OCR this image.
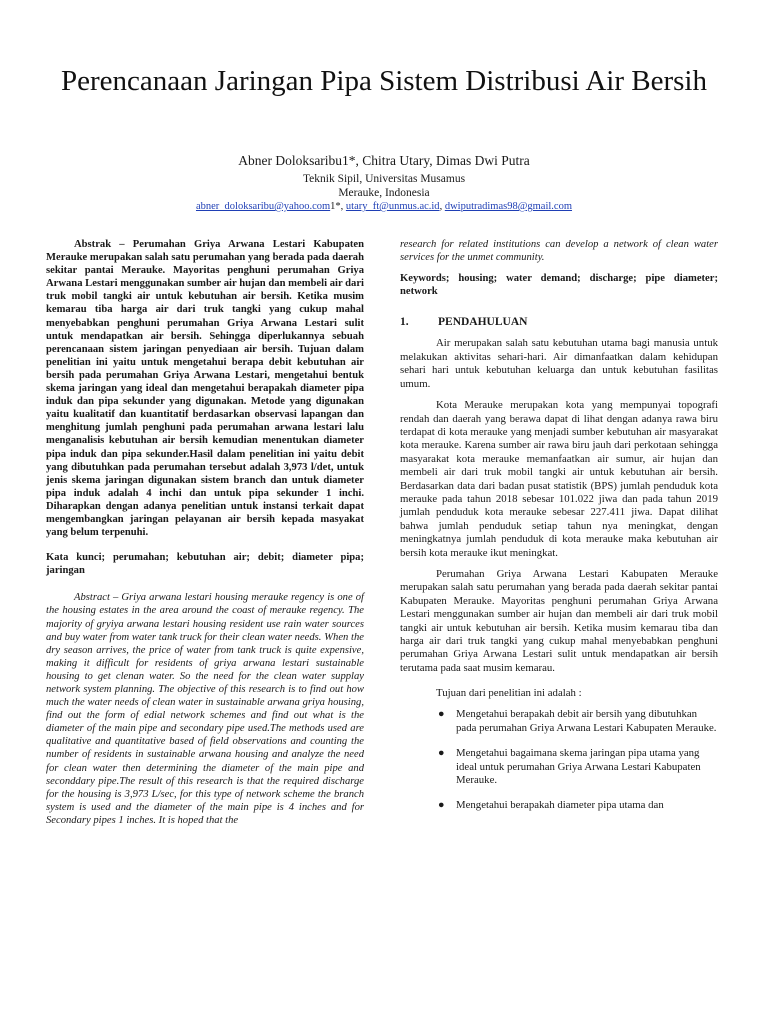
Perencanaan Jaringan Pipa Sistem Distribusi Air Bersih
Abner Doloksaribu1*, Chitra Utary, Dimas Dwi Putra
Teknik Sipil, Universitas Musamus
Merauke, Indonesia
abner_doloksaribu@yahoo.com1*, utary_ft@unmus.ac.id, dwiputradimas98@gmail.com

Abstrak – Perumahan Griya Arwana Lestari Kabupaten Merauke merupakan salah satu perumahan yang berada pada daerah sekitar pantai Merauke. Mayoritas penghuni perumahan Griya Arwana Lestari menggunakan sumber air hujan dan membeli air dari truk mobil tangki air untuk kebutuhan air bersih. Ketika musim kemarau tiba harga air dari truk tangki yang cukup mahal menyebabkan penghuni perumahan Griya Arwana Lestari sulit untuk mendapatkan air bersih. Sehingga diperlukannya sebuah perencanaan sistem jaringan penyediaan air bersih. Tujuan dalam penelitian ini yaitu untuk mengetahui berapa debit kebutuhan air bersih pada perumahan Griya Arwana Lestari, mengetahui bentuk skema jaringan yang ideal dan mengetahui berapakah diameter pipa induk dan pipa sekunder yang digunakan. Metode yang digunakan yaitu kualitatif dan kuantitatif berdasarkan observasi lapangan dan menghitung jumlah penghuni pada perumahan arwana lestari lalu menganalisis kebutuhan air bersih kemudian menentukan diameter pipa induk dan pipa sekunder.Hasil dalam penelitian ini yaitu debit yang dibutuhkan pada perumahan tersebut adalah 3,973 l/det, untuk jenis skema jaringan digunakan sistem branch dan untuk diameter pipa induk adalah 4 inchi dan untuk pipa sekunder 1 inchi. Diharapkan dengan adanya penelitian untuk instansi terkait dapat mengembangkan jaringan pelayanan air bersih kepada masyakat yang belum terpenuhi.

Kata kunci; perumahan; kebutuhan air; debit; diameter pipa; jaringan

Abstract – Griya arwana lestari housing merauke regency is one of the housing estates in the area around the coast of merauke regency. The majority of gryiya arwana lestari housing resident use rain water sources and buy water from water tank truck for their clean water needs. When the dry season arrives, the price of water from tank truck is quite expensive, making it difficult for residents of griya arwana lestari sustainable housing to get clenan water. So the need for the clean water supplay network system planning. The objective of this research is to find out how much the water needs of clean water in sustainable arwana griya housing, find out the form of edial network schemes and find out what is the diameter of the main pipe and secondary pipe used.The methods used are qualitative and quantitative based of field observations and counting the number of residents in sustainable arwana housing and analyze the need for clean water then determining the diameter of the main pipe and seconddary pipe.The result of this research is that the required discharge for the housing is 3,973 L/sec, for this type of network scheme the branch system is used and the diameter of the main pipe is 4 inches and for Secondary pipes 1 inches. It is hoped that the

research for related institutions can develop a network of clean water services for the unmet community.

Keywords; housing; water demand; discharge; pipe diameter; network

1.	PENDAHULUAN

Air merupakan salah satu kebutuhan utama bagi manusia untuk melakukan aktivitas sehari-hari. Air dimanfaatkan dalam kehidupan sehari hari untuk kebutuhan keluarga dan untuk kebutuhan fasilitas umum.

Kota Merauke merupakan kota yang mempunyai topografi rendah dan daerah yang berawa dapat di lihat dengan adanya rawa biru terdapat di kota merauke yang menjadi sumber kebutuhan air masyarakat kota merauke. Karena sumber air rawa biru jauh dari perkotaan sehingga masyarakat kota merauke memanfaatkan air sumur, air hujan dan membeli air dari truk mobil tangki air untuk kebutuhan air bersih. Berdasarkan data dari badan pusat statistik (BPS) jumlah penduduk kota merauke pada tahun 2018 sebesar 101.022 jiwa dan pada tahun 2019 jumlah penduduk kota merauke sebesar 227.411 jiwa. Dapat dilihat bahwa jumlah penduduk setiap tahun nya meningkat, dengan meningkatnya jumlah penduduk di kota merauke maka kebutuhan air bersih kota merauke ikut meningkat.

Perumahan Griya Arwana Lestari Kabupaten Merauke merupakan salah satu perumahan yang berada pada daerah sekitar pantai Kabupaten Merauke. Mayoritas penghuni perumahan Griya Arwana Lestari menggunakan sumber air hujan dan membeli air dari truk mobil tangki air untuk kebutuhan air bersih. Ketika musim kemarau tiba dan harga air dari truk tangki yang cukup mahal menyebabkan penghuni perumahan Griya Arwana Lestari sulit untuk mendapatkan air bersih terutama pada saat musim kemarau.

Tujuan dari penelitian ini adalah :
● Mengetahui berapakah debit air bersih yang dibutuhkan pada perumahan Griya Arwana Lestari Kabupaten Merauke.
● Mengetahui bagaimana skema jaringan pipa utama yang ideal untuk perumahan Griya Arwana Lestari Kabupaten Merauke.
● Mengetahui berapakah diameter pipa utama dan
